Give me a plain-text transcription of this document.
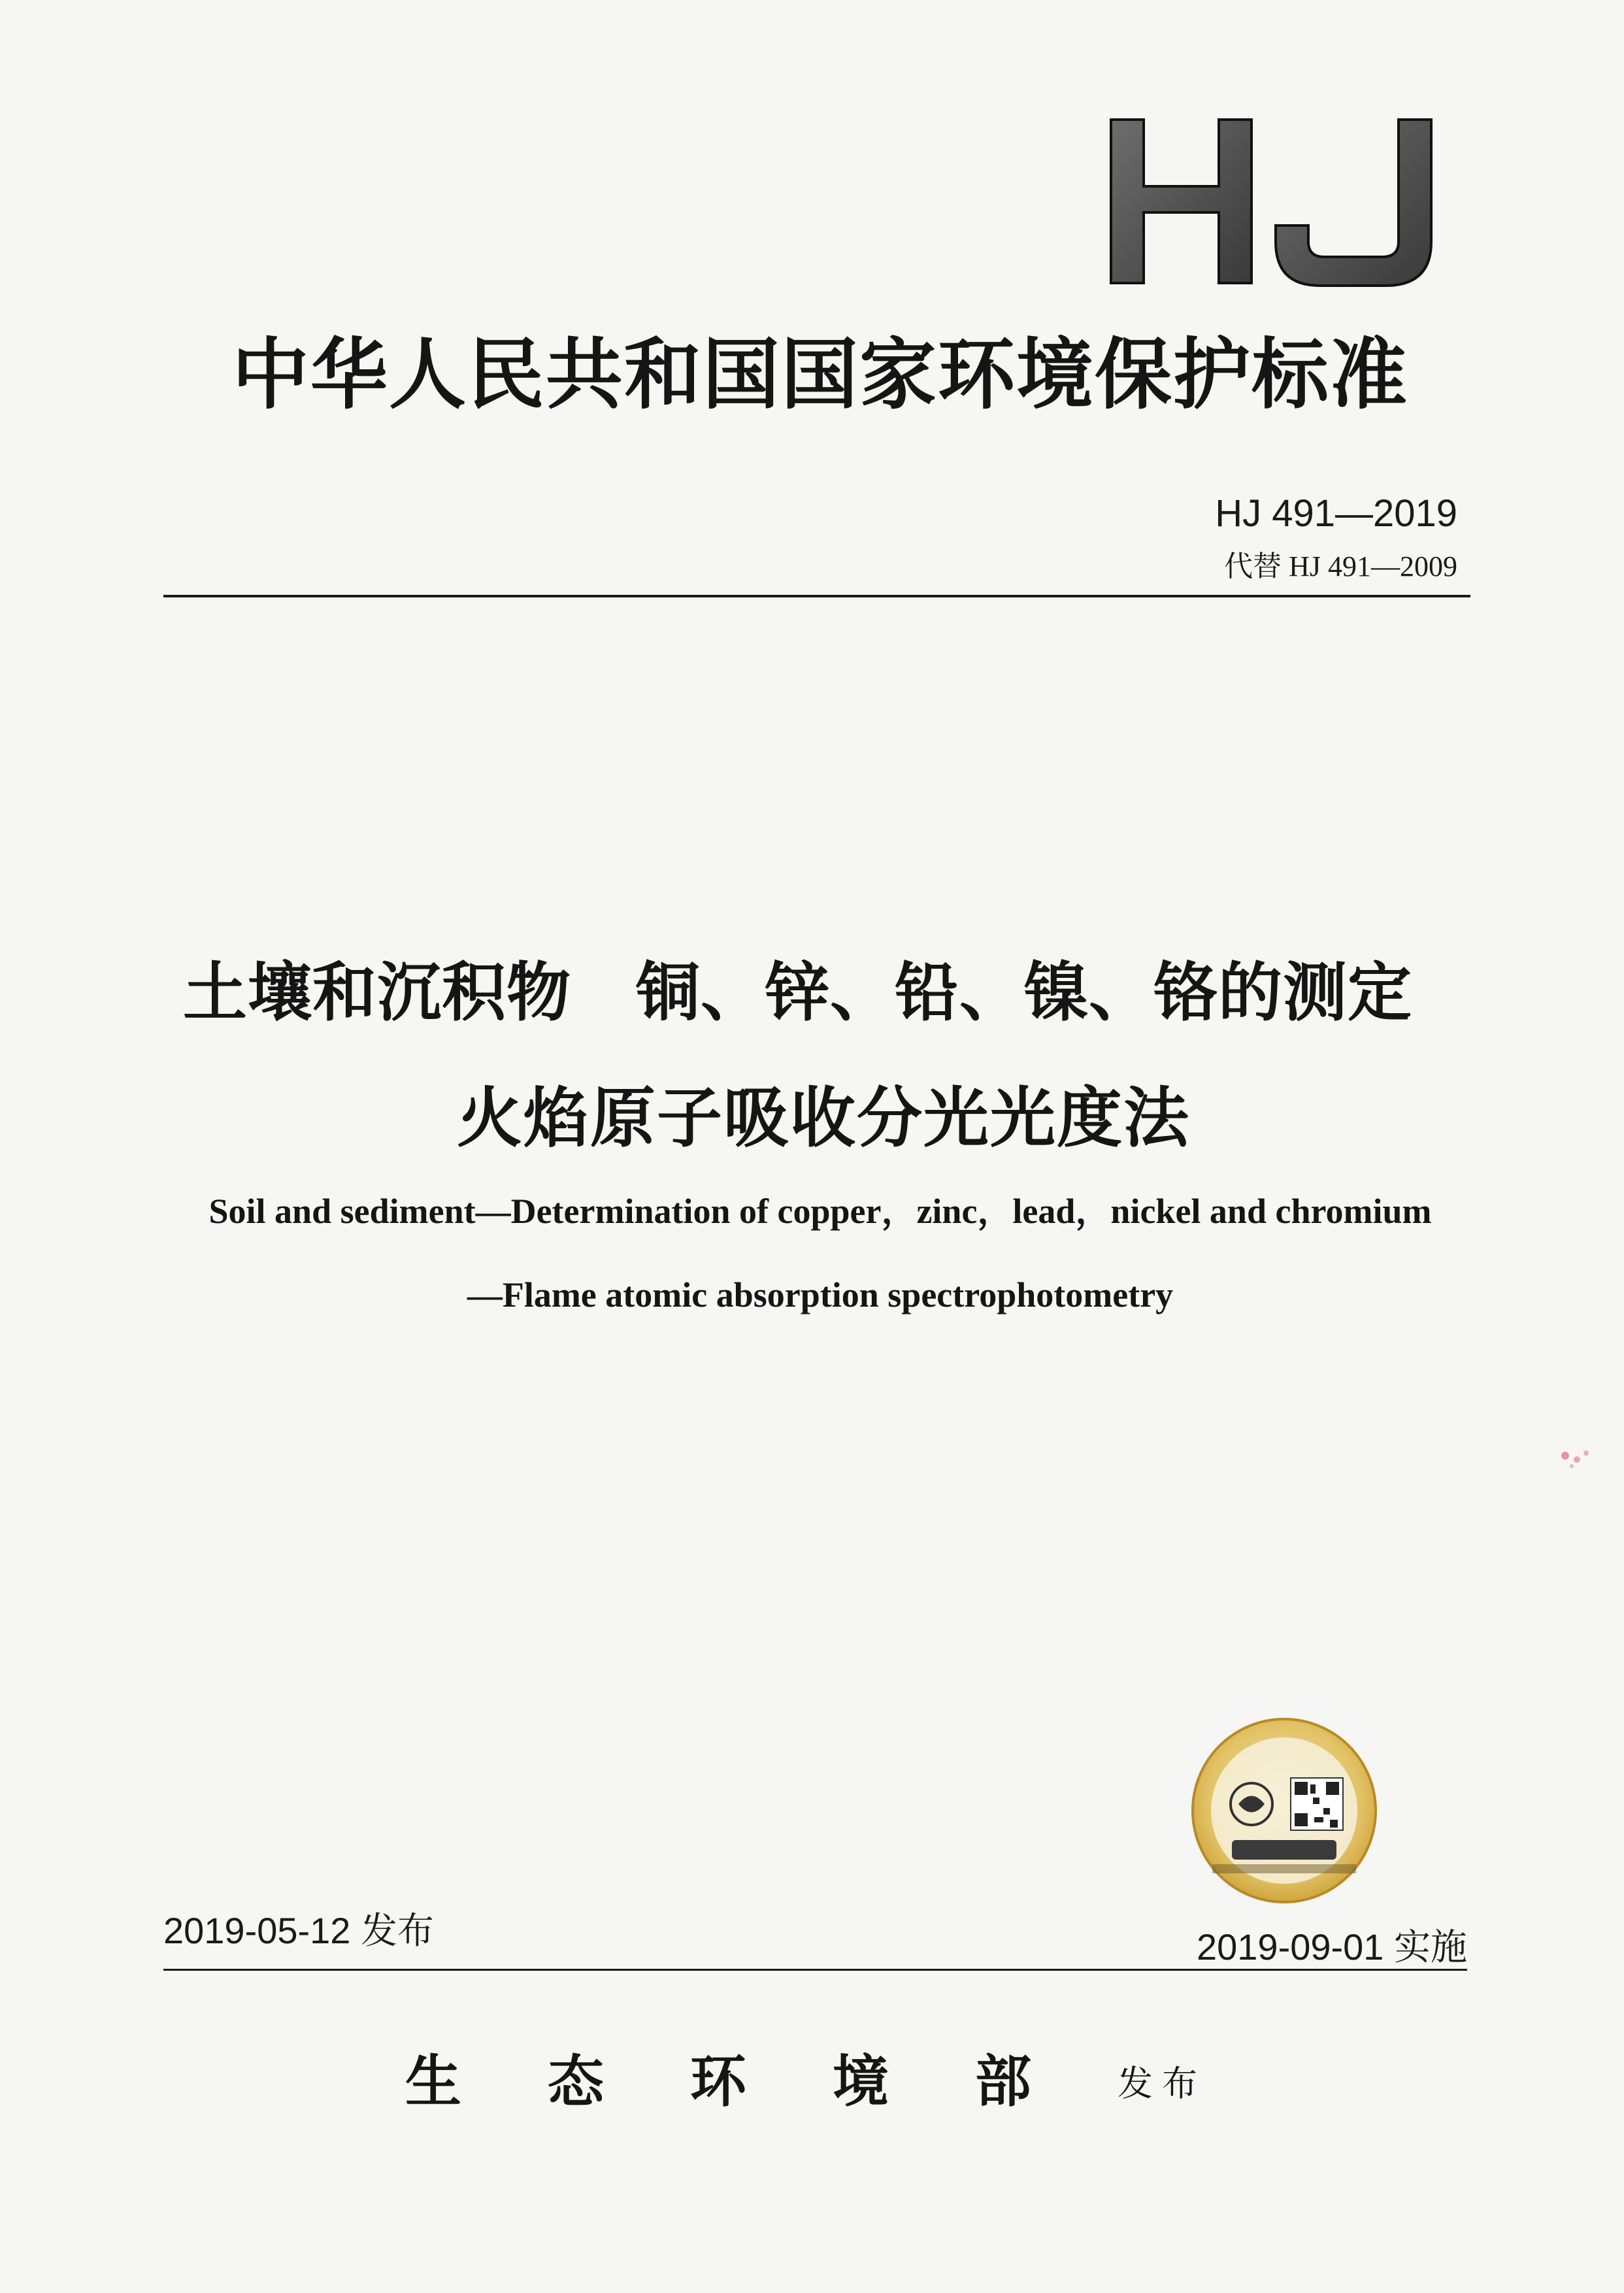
中华人民共和国国家环境保护标准
HJ 491—2019
代替 HJ 491—2009
土壤和沉积物　铜、锌、铅、镍、铬的测定
火焰原子吸收分光光度法
Soil and sediment—Determination of copper，zinc，lead，nickel and chromium
—Flame atomic absorption spectrophotometry
2019-05-12 发布	2019-09-01 实施
生 态 环 境 部 发布
